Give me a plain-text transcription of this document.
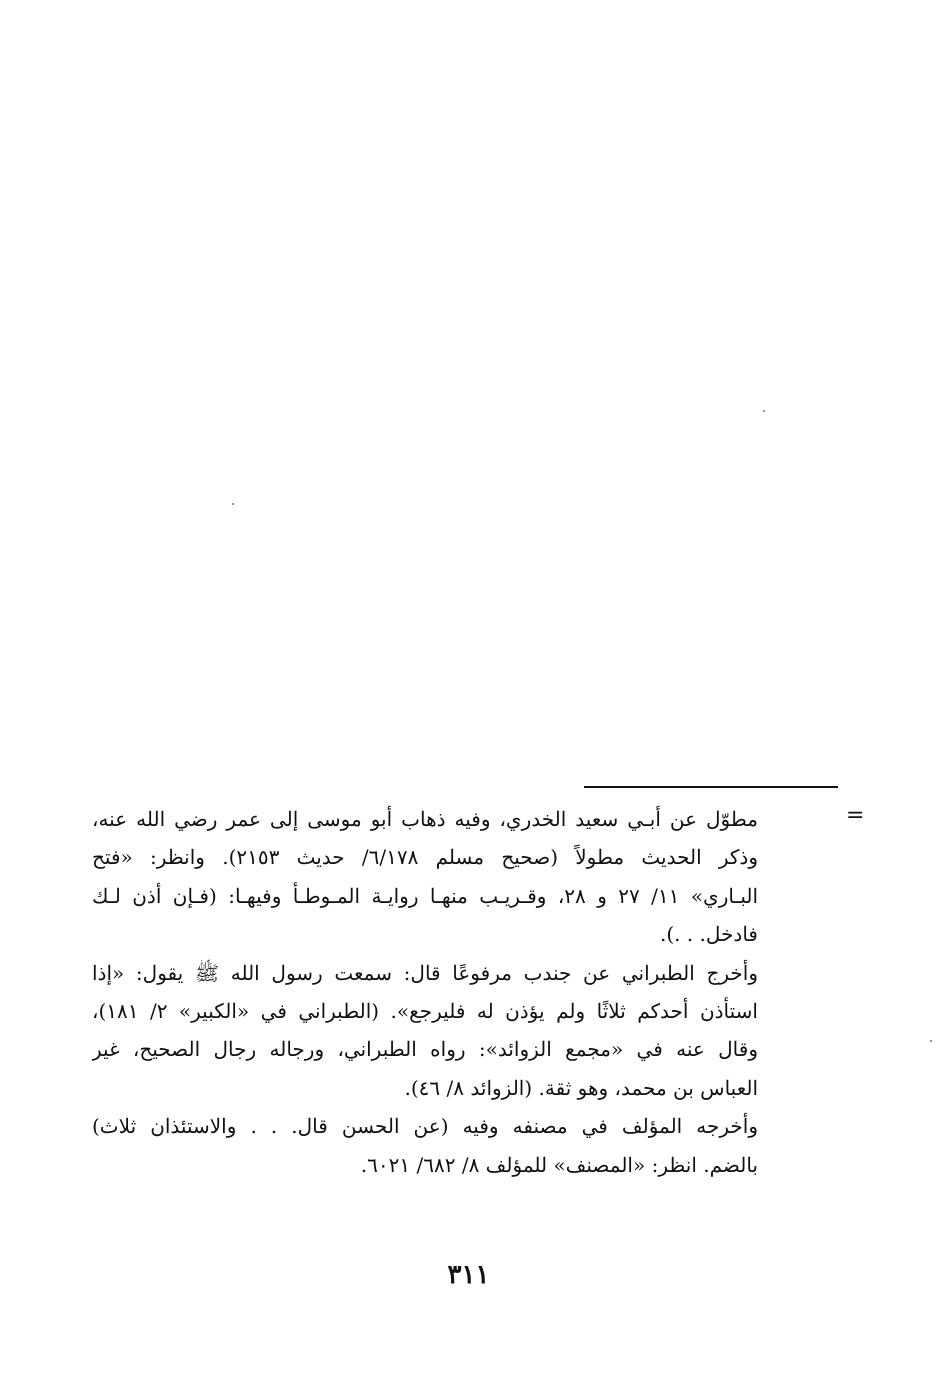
=
مطوّل عن أبـي سعيد الخدري، وفيه ذهاب أبو موسى إلى عمر رضي الله عنه،
وذكر الحديث مطولاً (صحيح مسلم ٦/١٧٨/ حديث ٢١٥٣). وانظر: «فتح
البـاري» ١١/ ٢٧ و ٢٨، وقـريـب منهـا روايـة المـوطـأ وفيهـا: (فـإن أذن لـك
فادخل. . .).
وأخرج الطبراني عن جندب مرفوعًا قال: سمعت رسول الله ﷺ يقول: «إذا
استأذن أحدكم ثلاثًا ولم يؤذن له فليرجع». (الطبراني في «الكبير» ٢/ ١٨١)،
وقال عنه في «مجمع الزوائد»: رواه الطبراني، ورجاله رجال الصحيح، غير
العباس بن محمد، وهو ثقة. (الزوائد ٨/ ٤٦).
وأخرجه المؤلف في مصنفه وفيه (عن الحسن قال. . . والاستئذان ثلاث)
بالضم. انظر: «المصنف» للمؤلف ٨/ ٦٨٢/ ٦٠٢١.
٣١١
